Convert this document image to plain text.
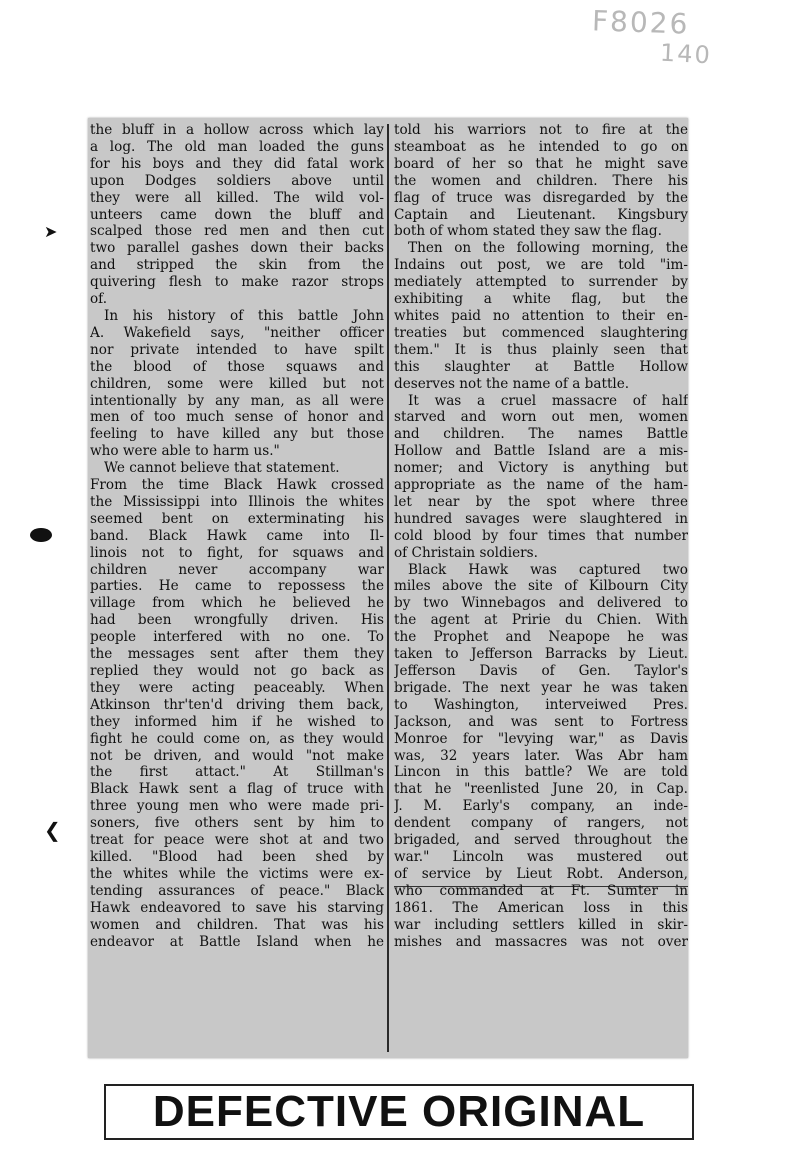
F8026
140
➤
❮
the bluff in a hollow across which lay
a log. The old man loaded the guns
for his boys and they did fatal work
upon Dodges soldiers above until
they were all killed. The wild vol-
unteers came down the bluff and
scalped those red men and then cut
two parallel gashes down their backs
and stripped the skin from the
quivering flesh to make razor strops
of.
In his history of this battle John
A. Wakefield says, "neither officer
nor private intended to have spilt
the blood of those squaws and
children, some were killed but not
intentionally by any man, as all were
men of too much sense of honor and
feeling to have killed any but those
who were able to harm us."
We cannot believe that statement.
From the time Black Hawk crossed
the Mississippi into Illinois the whites
seemed bent on exterminating his
band. Black Hawk came into Il-
linois not to fight, for squaws and
children never accompany war
parties. He came to repossess the
village from which he believed he
had been wrongfully driven. His
people interfered with no one. To
the messages sent after them they
replied they would not go back as
they were acting peaceably. When
Atkinson thr'ten'd driving them back,
they informed him if he wished to
fight he could come on, as they would
not be driven, and would "not make
the first attact." At Stillman's
Black Hawk sent a flag of truce with
three young men who were made pri-
soners, five others sent by him to
treat for peace were shot at and two
killed. "Blood had been shed by
the whites while the victims were ex-
tending assurances of peace." Black
Hawk endeavored to save his starving
women and children. That was his
endeavor at Battle Island when he
told his warriors not to fire at the
steamboat as he intended to go on
board of her so that he might save
the women and children. There his
flag of truce was disregarded by the
Captain and Lieutenant. Kingsbury
both of whom stated they saw the flag.
Then on the following morning, the
Indains out post, we are told "im-
mediately attempted to surrender by
exhibiting a white flag, but the
whites paid no attention to their en-
treaties but commenced slaughtering
them." It is thus plainly seen that
this slaughter at Battle Hollow
deserves not the name of a battle.
It was a cruel massacre of half
starved and worn out men, women
and children. The names Battle
Hollow and Battle Island are a mis-
nomer; and Victory is anything but
appropriate as the name of the ham-
let near by the spot where three
hundred savages were slaughtered in
cold blood by four times that number
of Christain soldiers.
Black Hawk was captured two
miles above the site of Kilbourn City
by two Winnebagos and delivered to
the agent at Pririe du Chien. With
the Prophet and Neapope he was
taken to Jefferson Barracks by Lieut.
Jefferson Davis of Gen. Taylor's
brigade. The next year he was taken
to Washington, interveiwed Pres.
Jackson, and was sent to Fortress
Monroe for "levying war," as Davis
was, 32 years later. Was Abr ham
Lincon in this battle? We are told
that he "reenlisted June 20, in Cap.
J. M. Early's company, an inde-
dendent company of rangers, not
brigaded, and served throughout the
war." Lincoln was mustered out
of service by Lieut Robt. Anderson,
who commanded at Ft. Sumter in
1861. The American loss in this
war including settlers killed in skir-
mishes and massacres was not over
DEFECTIVE ORIGINAL
